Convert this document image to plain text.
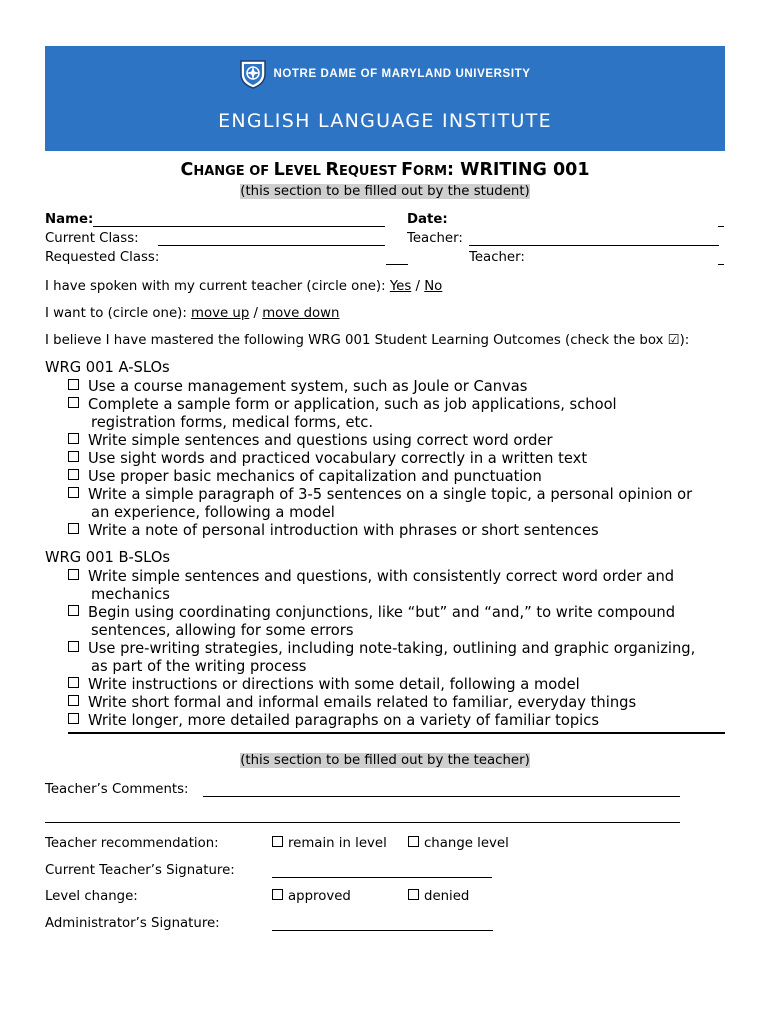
NOTRE DAME OF MARYLAND UNIVERSITY
ENGLISH LANGUAGE INSTITUTE
CHANGE OF LEVEL REQUEST FORM: WRITING 001
(this section to be filled out by the student)
Name:	Date:
Current Class:	Teacher:
Requested Class:	Teacher:
I have spoken with my current teacher (circle one): Yes / No
I want to (circle one): move up / move down
I believe I have mastered the following WRG 001 Student Learning Outcomes (check the box ☑):
WRG 001 A-SLOs
Use a course management system, such as Joule or Canvas
Complete a sample form or application, such as job applications, school
registration forms, medical forms, etc.
Write simple sentences and questions using correct word order
Use sight words and practiced vocabulary correctly in a written text
Use proper basic mechanics of capitalization and punctuation
Write a simple paragraph of 3-5 sentences on a single topic, a personal opinion or
an experience, following a model
Write a note of personal introduction with phrases or short sentences
WRG 001 B-SLOs
Write simple sentences and questions, with consistently correct word order and
mechanics
Begin using coordinating conjunctions, like “but” and “and,” to write compound
sentences, allowing for some errors
Use pre-writing strategies, including note-taking, outlining and graphic organizing,
as part of the writing process
Write instructions or directions with some detail, following a model
Write short formal and informal emails related to familiar, everyday things
Write longer, more detailed paragraphs on a variety of familiar topics
(this section to be filled out by the teacher)
Teacher’s Comments:
Teacher recommendation:	remain in level	change level
Current Teacher’s Signature:
Level change:	approved	denied
Administrator’s Signature:
